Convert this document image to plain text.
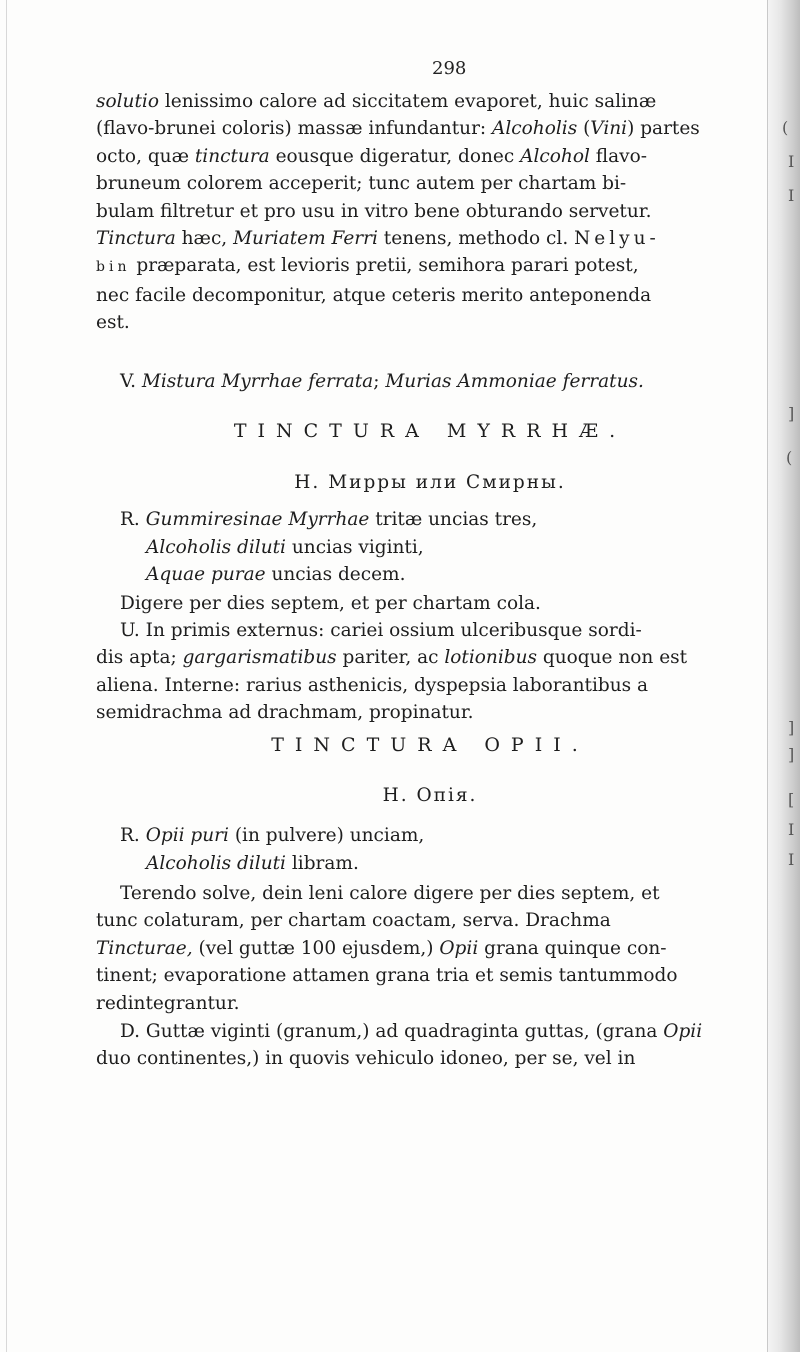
(
I
I
]
(
]
]
[
I
I
298
solutio lenissimo calore ad siccitatem evaporet, huic salinæ
(flavo-brunei coloris) massæ infundantur: Alcoholis (Vini) partes
octo, quæ tinctura eousque digeratur, donec Alcohol flavo-
bruneum colorem acceperit; tunc autem per chartam bi-
bulam filtretur et pro usu in vitro bene obturando servetur.
Tinctura hæc, Muriatem Ferri tenens, methodo cl. Nelyu-
bin præparata, est levioris pretii, semihora parari potest,
nec facile decomponitur, atque ceteris merito anteponenda
est.
V. Mistura Myrrhae ferrata; Murias Ammoniae ferratus.
TINCTURA MYRRHÆ.
Н. Мирры или Смирны.
R. Gummiresinae Myrrhae tritæ uncias tres,
Alcoholis diluti uncias viginti,
Aquae purae uncias decem.
Digere per dies septem, et per chartam cola.
U. In primis externus: cariei ossium ulceribusque sordi-
dis apta; gargarismatibus pariter, ac lotionibus quoque non est
aliena. Interne: rarius asthenicis, dyspepsia laborantibus a
semidrachma ad drachmam, propinatur.
TINCTURA OPII.
Н. Опія.
R. Opii puri (in pulvere) unciam,
Alcoholis diluti libram.
Terendo solve, dein leni calore digere per dies septem, et
tunc colaturam, per chartam coactam, serva. Drachma
Tincturae, (vel guttæ 100 ejusdem,) Opii grana quinque con-
tinent; evaporatione attamen grana tria et semis tantummodo
redintegrantur.
D. Guttæ viginti (granum,) ad quadraginta guttas, (grana Opii
duo continentes,) in quovis vehiculo idoneo, per se, vel in
